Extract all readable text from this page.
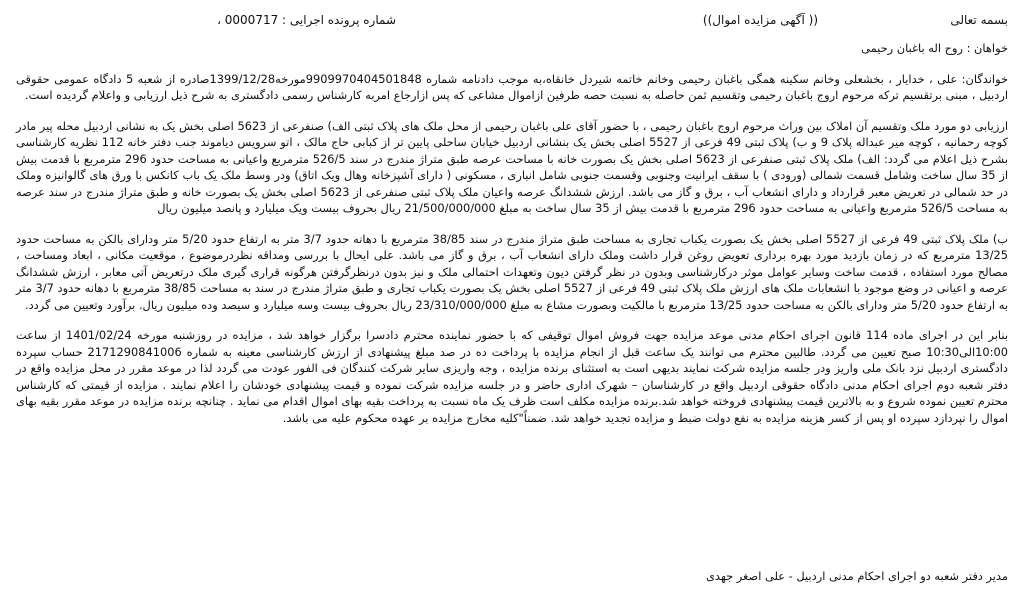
بسمه تعالی
(( آگهی مزایده اموال))
شماره پرونده اجرایی : 0000717 ،

خواهان : روح اله باغبان رحیمی

خواندگان: علی ، خدایار ، بخشعلی وخانم سکینه همگی باغبان رحیمی وخانم خاتمه شیردل خانقاه،به موجب دادنامه شماره 9909970404501848مورخه1399/12/28صادره از شعبه 5 دادگاه عمومی حقوقی اردبیل ، مبنی برتقسیم ترکه مرحوم اروج باغبان رحیمی وتقسیم ثمن حاصله به نسبت حصه طرفین ازاموال مشاعی که پس ازارجاع امربه کارشناس رسمی دادگستری به شرح ذیل ارزیابی و واعلام گردیده است.

ارزیابی دو مورد ملک وتقسیم آن املاک بین وراث مرحوم اروج باغبان رحیمی ، با حضور آقای علی باغبان رحیمی از محل ملک های پلاک ثبتی الف) صنفرعی از 5623 اصلی بخش یک به نشانی اردبیل محله پیر مادر کوچه رحمانیه ، کوچه میر عبداله پلاک 9 و ب) پلاک ثبتی 49 فرعی از 5527 اصلی بخش یک بنشانی اردبیل خیابان ساحلی پایین تر از کبابی حاج مالک ، اتو سرویس دیاموند جنب دفتر خانه 112 نظریه کارشناسی بشرح ذیل اعلام می گردد: الف) ملک پلاک ثبتی صنفرعی از 5623 اصلی بخش یک بصورت خانه با مساحت عرصه طبق متراژ مندرج در سند 526/5 مترمربع واعیانی به مساحت حدود 296 مترمربع با قدمت بیش از 35 سال ساخت وشامل قسمت شمالی (ورودی ) با سقف ایرانیت وجنوبی وقسمت جنوبی شامل انباری ، مسکونی ( دارای آشپزخانه وهال ویک اتاق) ودر وسط ملک یک باب کانکس با ورق های گالوانیزه وملک در حد شمالی در تعریض معبر قرارداد و دارای انشعاب آب ، برق و گاز می باشد. ارزش ششدانگ عرصه واعیان ملک پلاک ثبتی صنفرعی از 5623 اصلی بخش یک بصورت خانه و طبق متراژ مندرج در سند عرصه به مساحت 526/5 مترمربع واعیانی به مساحت حدود 296 مترمربع با قدمت بیش از 35 سال ساخت به مبلغ 21/500/000/000 ریال بحروف بیست ویک میلیارد و پانصد میلیون ریال

ب) ملک پلاک ثبتی 49 فرعی از 5527 اصلی بخش یک بصورت یکباب تجاری به مساحت طبق متراژ مندرج در سند 38/85 مترمربع با دهانه حدود 3/7 متر به ارتفاع حدود 5/20 متر ودارای بالکن به مساحت حدود 13/25 مترمربع که در زمان بازدید مورد بهره برداری تعویض روغن قرار داشت وملک دارای انشعاب آب ، برق و گاز می باشد. علی ایحال با بررسی ومداقه نظردرموضوع ، موقعیت مکانی ، ابعاد ومساحت ، مصالح مورد استفاده ، قدمت ساخت وسایر عوامل موثر درکارشناسی وبدون در نظر گرفتن دیون وتعهدات احتمالی ملک و نیز بدون درنظرگرفتن هرگونه قراری گیری ملک درتعریض آتی معابر ، ارزش ششدانگ عرصه و اعیانی در وضع موجود با انشعابات ملک های ارزش ملک پلاک ثبتی 49 فرعی از 5527 اصلی بخش یک بصورت یکباب تجاری و طبق متراژ مندرج در سند به مساحت 38/85 مترمربع با دهانه حدود 3/7 متر به ارتفاع حدود 5/20 متر ودارای بالکن به مساحت حدود 13/25 مترمربع با مالکیت وبصورت مشاع به مبلغ 23/310/000/000 ریال بحروف بیست وسه میلیارد و سیصد وده میلیون ریال. برآورد وتعیین می گردد.

بنابر این در اجرای ماده 114 قانون اجرای احکام مدنی موعد مزایده جهت فروش اموال توقیفی که با حضور نماینده محترم دادسرا برگزار خواهد شد ، مزایده در روزشنبه مورخه 1401/02/24 از ساعت 10:00الی10:30 صبح تعیین می گردد. طالبین محترم می توانند یک ساعت قبل از انجام مزایده با پرداخت ده در صد مبلغ پیشنهادی از ارزش کارشناسی معینه به شماره 2171290841006 حساب سپرده دادگستری اردبیل نزد بانک ملی واریز ودر جلسه مزایده شرکت نمایند بدیهی است به استثنای برنده مزایده ، وجه واریزی سایر شرکت کنندگان فی الفور عودت می گردد لذا در موعد مقرر در محل مزایده واقع در دفتر شعبه دوم اجرای احکام مدنی دادگاه حقوقی اردبیل واقع در کارشناسان – شهرک اداری حاضر و در جلسه مزایده شرکت نموده و قیمت پیشنهادی خودشان را اعلام نمایند . مزایده از قیمتی که کارشناس محترم تعیین نموده شروع و به بالاترین قیمت پیشنهادی فروخته خواهد شد.برنده مزایده مکلف است ظرف یک ماه نسبت به پرداخت بقیه بهای اموال اقدام می نماید . چنانچه برنده مزایده در موعد مقرر بقیه بهای اموال را نپردازد سپرده او پس از کسر هزینه مزایده به نفع دولت ضبط و مزایده تجدید خواهد شد. ضمناً"کلیه مخارج مزایده بر عهده محکوم علیه می باشد.

مدیر دفتر شعبه دو اجرای احکام مدنی اردبیل - علی اصغر جهدی
